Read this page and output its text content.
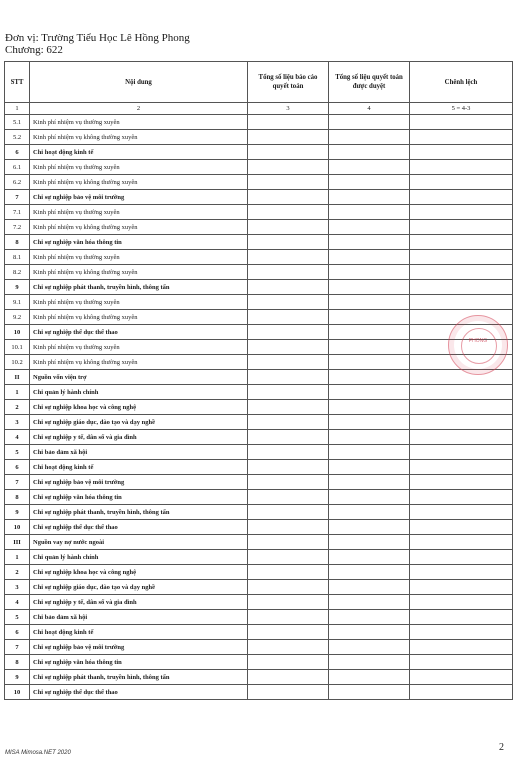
Đơn vị: Trường Tiểu Học Lê Hồng Phong
Chương: 622
STT	Nội dung	Tổng số liệu báo cáo quyết toán	Tổng số liệu quyết toán được duyệt	Chênh lệch
1	2	3	4	5 = 4-3
5.1	Kinh phí nhiệm vụ thường xuyên			
5.2	Kinh phí nhiệm vụ không thường xuyên			
6	Chi hoạt động kinh tế			
6.1	Kinh phí nhiệm vụ thường xuyên			
6.2	Kinh phí nhiệm vụ không thường xuyên			
7	Chi sự nghiệp bảo vệ môi trường			
7.1	Kinh phí nhiệm vụ thường xuyên			
7.2	Kinh phí nhiệm vụ không thường xuyên			
8	Chi sự nghiệp văn hóa thông tin			
8.1	Kinh phí nhiệm vụ thường xuyên			
8.2	Kinh phí nhiệm vụ không thường xuyên			
9	Chi sự nghiệp phát thanh, truyền hình, thông tấn			
9.1	Kinh phí nhiệm vụ thường xuyên			
9.2	Kinh phí nhiệm vụ không thường xuyên			
10	Chi sự nghiệp thể dục thể thao			
10.1	Kinh phí nhiệm vụ thường xuyên			
10.2	Kinh phí nhiệm vụ không thường xuyên			
II	Nguồn vốn viện trợ			
1	Chi quản lý hành chính			
2	Chi sự nghiệp khoa học và công nghệ			
3	Chi sự nghiệp giáo dục, đào tạo và dạy nghề			
4	Chi sự nghiệp y tế, dân số và gia đình			
5	Chi bảo đảm xã hội			
6	Chi hoạt động kinh tế			
7	Chi sự nghiệp bảo vệ môi trường			
8	Chi sự nghiệp văn hóa thông tin			
9	Chi sự nghiệp phát thanh, truyền hình, thông tấn			
10	Chi sự nghiệp thể dục thể thao			
III	Nguồn vay nợ nước ngoài			
1	Chi quản lý hành chính			
2	Chi sự nghiệp khoa học và công nghệ			
3	Chi sự nghiệp giáo dục, đào tạo và dạy nghề			
4	Chi sự nghiệp y tế, dân số và gia đình			
5	Chi bảo đảm xã hội			
6	Chi hoạt động kinh tế			
7	Chi sự nghiệp bảo vệ môi trường			
8	Chi sự nghiệp văn hóa thông tin			
9	Chi sự nghiệp phát thanh, truyền hình, thông tấn			
10	Chi sự nghiệp thể dục thể thao			
PHONG
MISA Mimosa.NET 2020	2
